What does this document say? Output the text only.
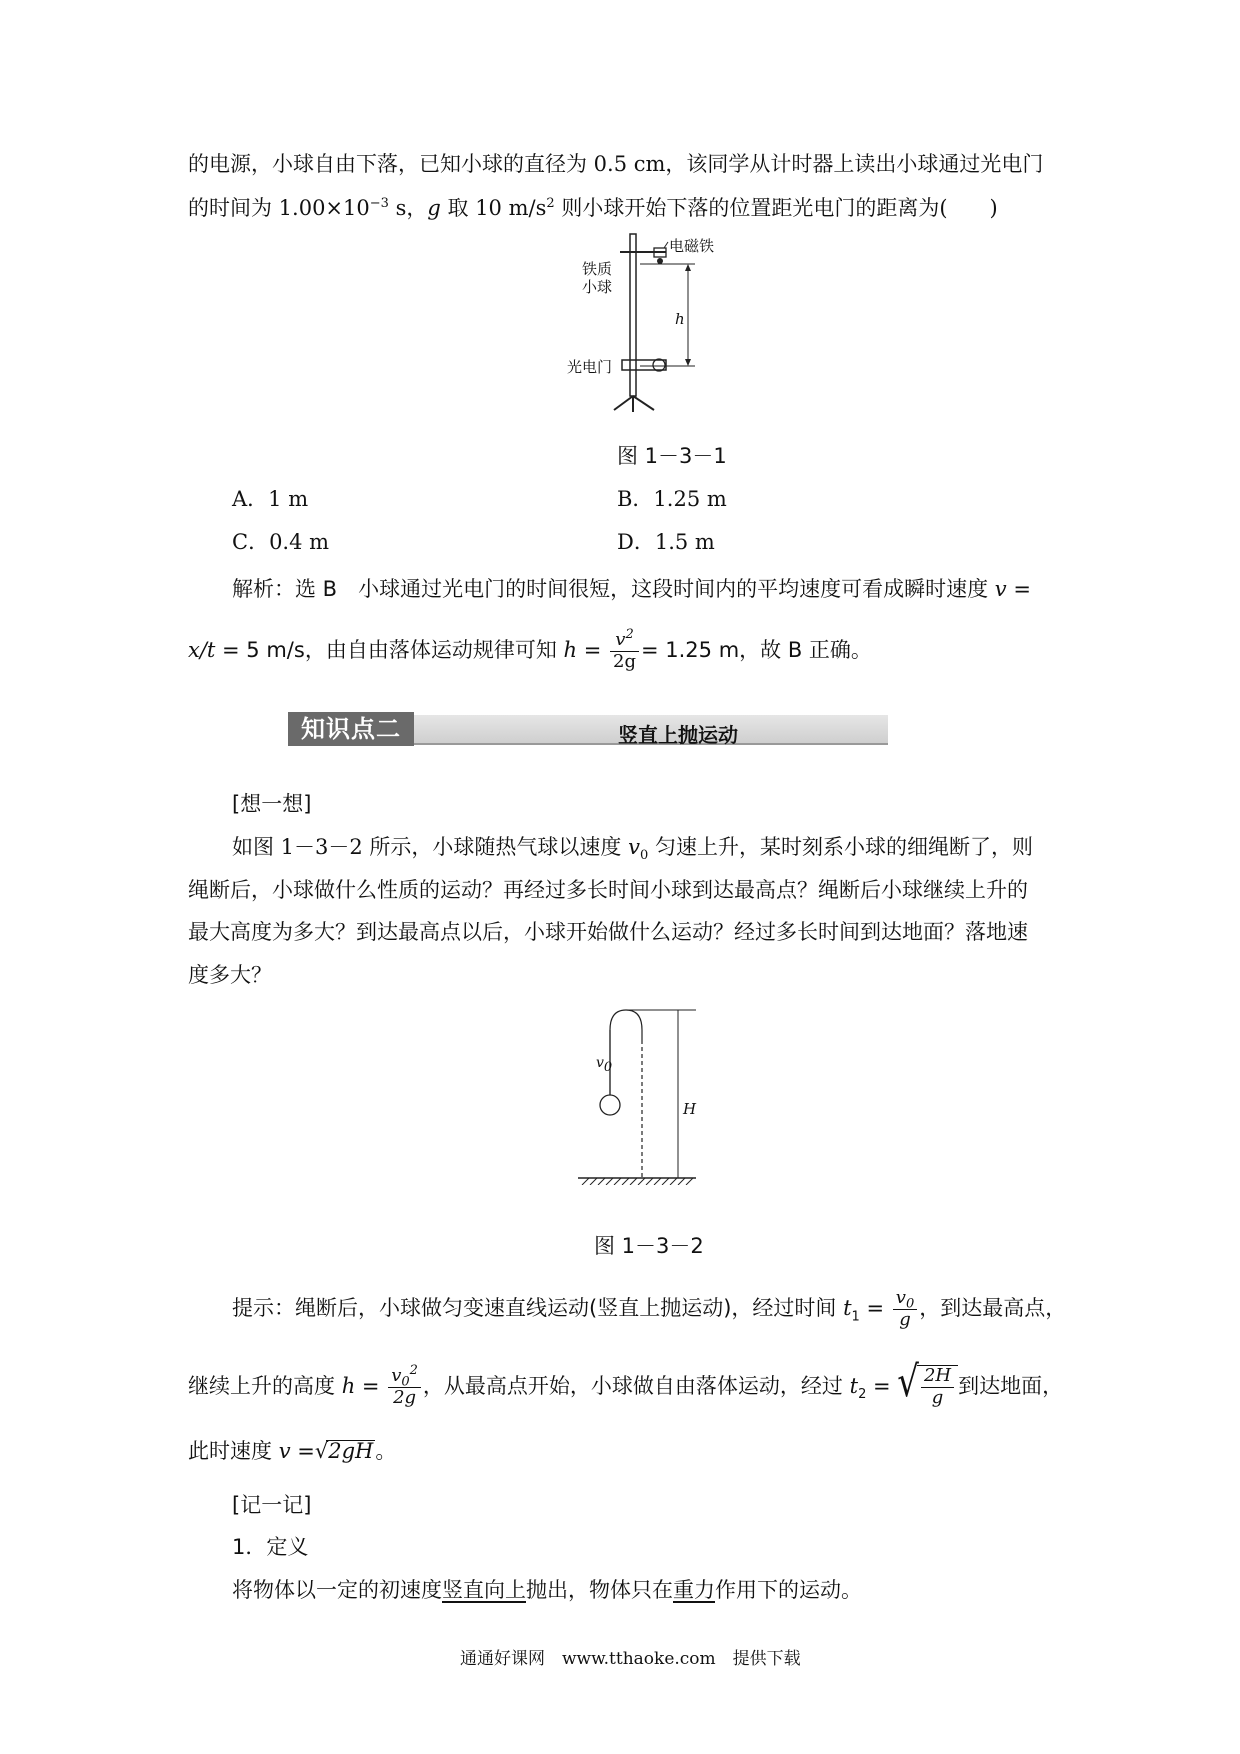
的电源，小球自由下落，已知小球的直径为 0.5 cm，该同学从计时器上读出小球通过光电门
的时间为 $1.00\times 10^{-3}$ s，g 取 10 $m/s^2$ 则小球开始下落的位置距光电门的距离为(　　)
电磁铁
铁质
小球
h
光电门
图 1－3－1
A．1 m	B．1.25 m
C．0.4 m	D．1.5 m
解析：选 B　小球通过光电门的时间很短，这段时间内的平均速度可看成瞬时速度 v =
x/t = 5 m/s，由自由落体运动规律可知 $h = \frac{v^2}{2g} = 1.25$ m，故 B 正确。
知识点二	竖直上抛运动
[想一想]
如图 1－3－2 所示，小球随热气球以速度 $v_0$ 匀速上升，某时刻系小球的细绳断了，则
绳断后，小球做什么性质的运动？再经过多长时间小球到达最高点？绳断后小球继续上升的
最大高度为多大？到达最高点以后，小球开始做什么运动？经过多长时间到达地面？落地速
度多大？
$v_0$
H
图 1－3－2
提示：绳断后，小球做匀变速直线运动(竖直上抛运动)，经过时间 $t_1 = \frac{v_0}{g}$ ，到达最高点，
继续上升的高度 $h = \frac{v_0^2}{2g}$ ，从最高点开始，小球做自由落体运动，经过 $t_2$ = √ $\frac{2H}{g}$ 到达地面，
此时速度 v =√2gH。
[记一记]
1．定义
将物体以一定的初速度竖直向上抛出，物体只在重力作用下的运动。
通通好课网　www.tthaoke.com　提供下载
